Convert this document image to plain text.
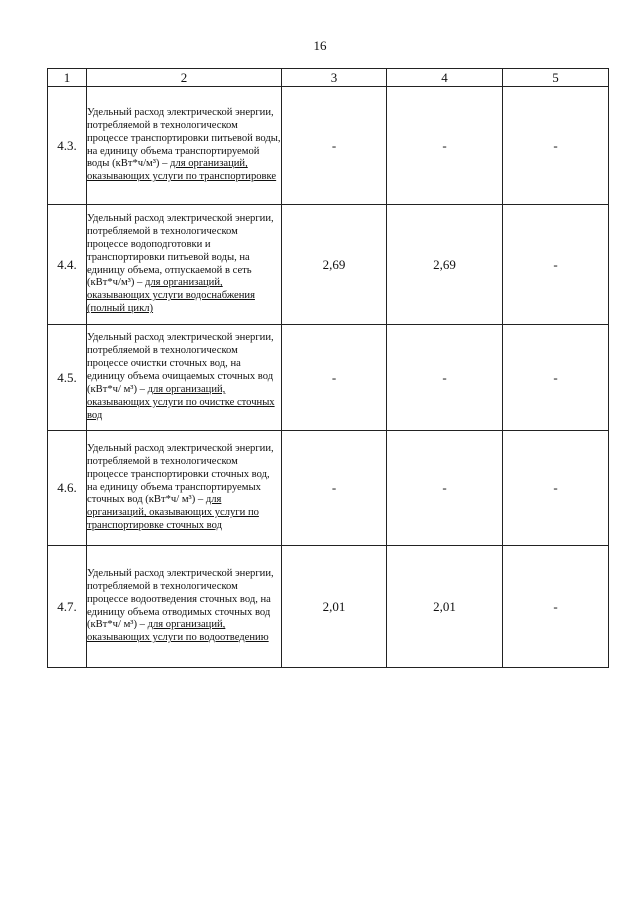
16
1	2	3	4	5
4.3.	Удельный расход электрической энергии, потребляемой в технологическом процессе транспортировки питьевой воды, на единицу объема транспортируемой воды (кВт*ч/м³) – для организаций, оказывающих услуги по транспортировке	-	-	-
4.4.	Удельный расход электрической энергии, потребляемой в технологическом процессе водоподготовки и транспортировки питьевой воды, на единицу объема, отпускаемой в сеть (кВт*ч/м³) – для организаций, оказывающих услуги водоснабжения (полный цикл)	2,69	2,69	-
4.5.	Удельный расход электрической энергии, потребляемой в технологическом процессе очистки сточных вод, на единицу объема очищаемых сточных вод (кВт*ч/ м³) – для организаций, оказывающих услуги по очистке сточных вод	-	-	-
4.6.	Удельный расход электрической энергии, потребляемой в технологическом процессе транспортировки сточных вод, на единицу объема транспортируемых сточных вод (кВт*ч/ м³) – для организаций, оказывающих услуги по транспортировке сточных вод	-	-	-
4.7.	Удельный расход электрической энергии, потребляемой в технологическом процессе водоотведения сточных вод, на единицу объема отводимых сточных вод (кВт*ч/ м³) – для организаций, оказывающих услуги по водоотведению	2,01	2,01	-
